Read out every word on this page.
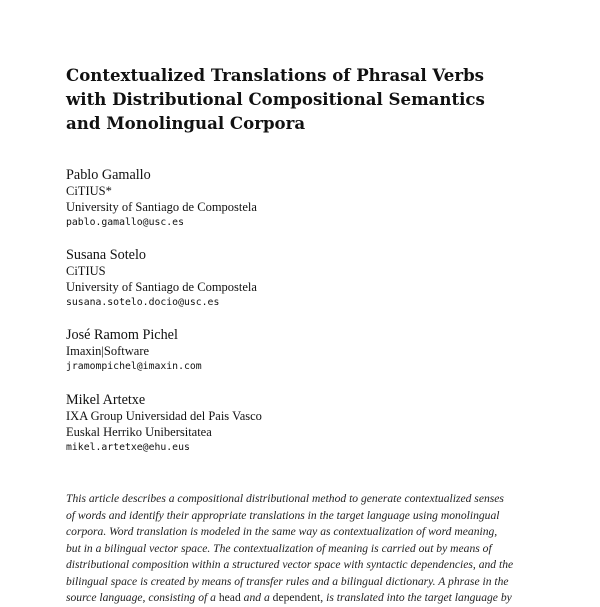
Contextualized Translations of Phrasal Verbs
with Distributional Compositional Semantics
and Monolingual Corpora
Pablo Gamallo
CiTIUS*
University of Santiago de Compostela
pablo.gamallo@usc.es
Susana Sotelo
CiTIUS
University of Santiago de Compostela
susana.sotelo.docio@usc.es
José Ramom Pichel
Imaxin|Software
jramompichel@imaxin.com
Mikel Artetxe
IXA Group Universidad del Pais Vasco
Euskal Herriko Unibersitatea
mikel.artetxe@ehu.eus

This article describes a compositional distributional method to generate contextualized senses
of words and identify their appropriate translations in the target language using monolingual
corpora. Word translation is modeled in the same way as contextualization of word meaning,
but in a bilingual vector space. The contextualization of meaning is carried out by means of
distributional composition within a structured vector space with syntactic dependencies, and the
bilingual space is created by means of transfer rules and a bilingual dictionary. A phrase in the
source language, consisting of a head and a dependent, is translated into the target language by
